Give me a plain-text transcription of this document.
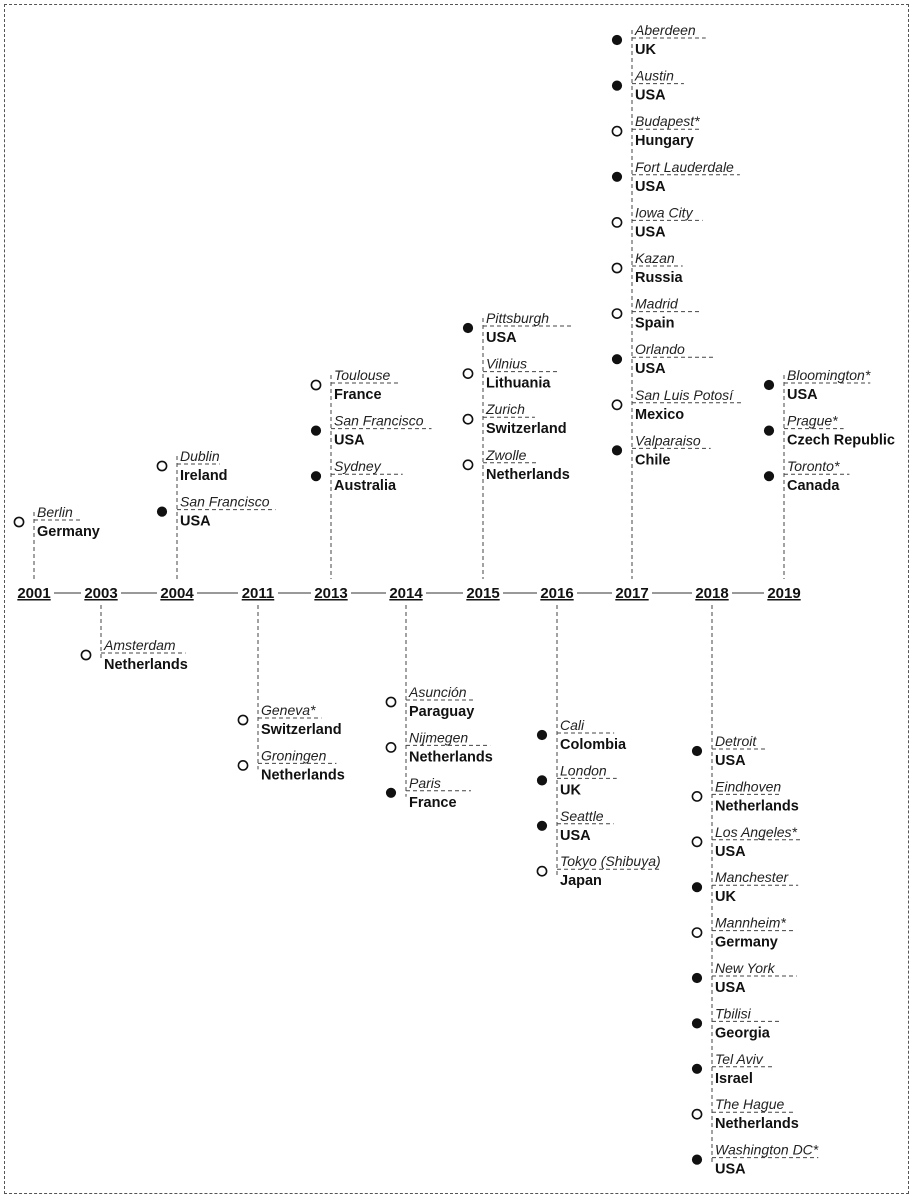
2001 2003	2004	2011	2013	2014	2015	2016	2017	2018	2019
Berlin
Germany
Amsterdam
Netherlands
Dublin
Ireland
San Francisco
USA
Geneva*
Switzerland
Groningen
Netherlands
Toulouse
France
San Francisco
USA
Sydney
Australia
Asunción
Paraguay
Nijmegen
Netherlands
Paris
France
Pittsburgh
USA
Vilnius
Lithuania
Zurich
Switzerland
Zwolle
Netherlands
Cali
Colombia
London
UK
Seattle
USA
Tokyo (Shibuya)
Japan
Aberdeen
UK
Austin
USA
Budapest*
Hungary
Fort Lauderdale
USA
Iowa City
USA
Kazan
Russia
Madrid
Spain
Orlando
USA
San Luis Potosí
Mexico
Valparaiso
Chile
Detroit
USA
Eindhoven
Netherlands
Los Angeles*
USA
Manchester
UK
Mannheim*
Germany
New York
USA
Tbilisi
Georgia
Tel Aviv
Israel
The Hague
Netherlands
Washington DC*
USA
Bloomington*
USA
Prague*
Czech Republic
Toronto*
Canada
